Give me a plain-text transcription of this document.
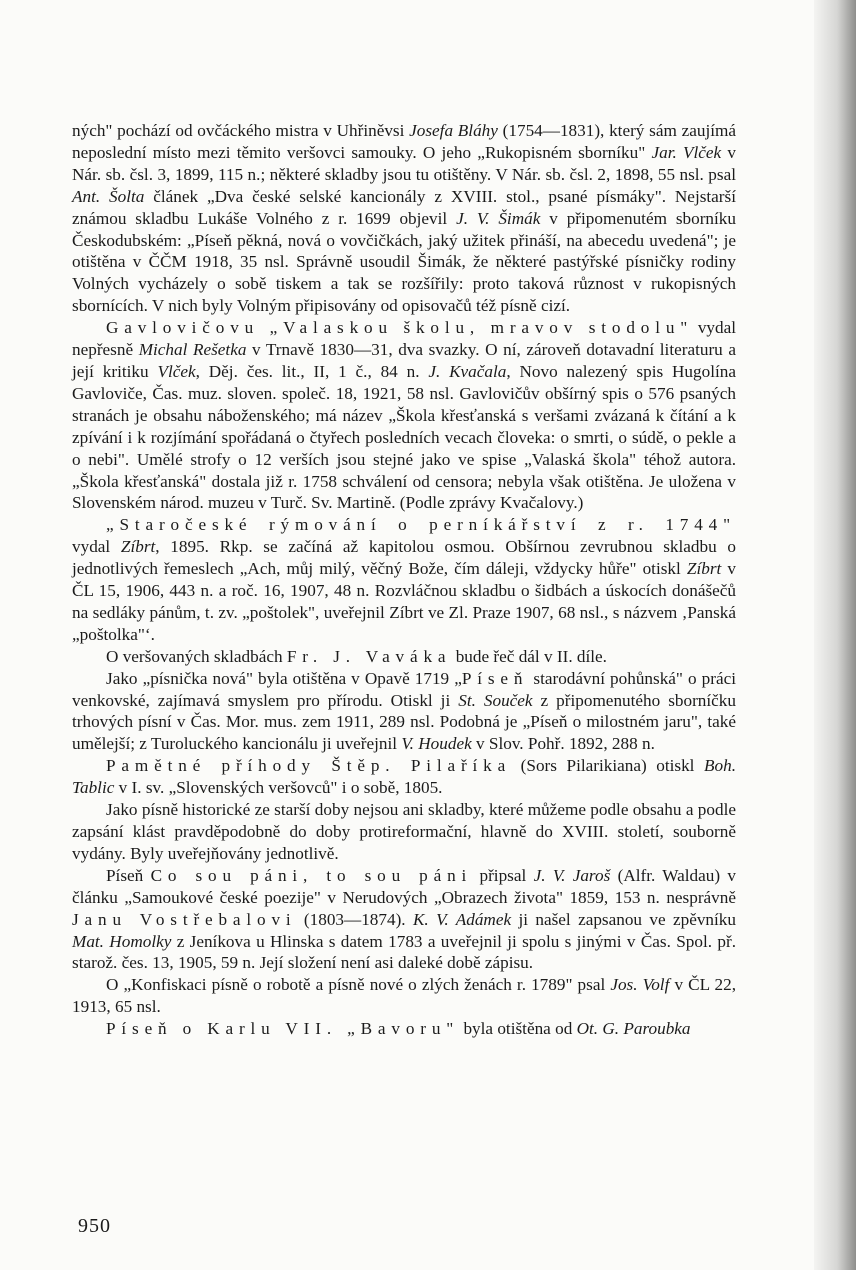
ných" pochází od ovčáckého mistra v Uhřiněvsi Josefa Bláhy (1754—1831), který sám zaujímá neposlední místo mezi těmito veršovci samouky. O jeho „Rukopisném sborníku" Jar. Vlček v Nár. sb. čsl. 3, 1899, 115 n.; některé skladby jsou tu otištěny. V Nár. sb. čsl. 2, 1898, 55 nsl. psal Ant. Šolta článek „Dva české selské kancionály z XVIII. stol., psané písmáky". Nejstarší známou skladbu Lukáše Volného z r. 1699 objevil J. V. Šimák v připomenutém sborníku Českodubském: „Píseň pěkná, nová o vovčičkách, jaký užitek přináší, na abecedu uvedená"; je otištěna v ČČM 1918, 35 nsl. Správně usoudil Šimák, že některé pastýřské písničky rodiny Volných vycházely o sobě tiskem a tak se rozšířily: proto taková různost v rukopisných sbornících. V nich byly Volným připisovány od opisovačů též písně cizí.

Gavlovičovu „Valaskou školu, mravov stodolu" vydal nepřesně Michal Rešetka v Trnavě 1830—31, dva svazky. O ní, zároveň dotavadní literaturu a její kritiku Vlček, Děj. čes. lit., II, 1 č., 84 n. J. Kvačala, Novo nalezený spis Hugolína Gavloviče, Čas. muz. sloven. společ. 18, 1921, 58 nsl. Gavlovičův obšírný spis o 576 psaných stranách je obsahu náboženského; má název „Škola křesťanská s veršami zvázaná k čítání a k zpívání i k rozjímání spořádaná o čtyřech posledních vecach človeka: o smrti, o súdě, o pekle a o nebi". Umělé strofy o 12 verších jsou stejné jako ve spise „Valaská škola" téhož autora. „Škola křesťanská" dostala již r. 1758 schválení od censora; nebyla však otištěna. Je uložena v Slovenském národ. muzeu v Turč. Sv. Martině. (Podle zprávy Kvačalovy.)

„Staročeské rýmování o perníkářství z r. 1744" vydal Zíbrt, 1895. Rkp. se začíná až kapitolou osmou. Obšírnou zevrubnou skladbu o jednotlivých řemeslech „Ach, můj milý, věčný Bože, čím dáleji, vždycky hůře" otiskl Zíbrt v ČL 15, 1906, 443 n. a roč. 16, 1907, 48 n. Rozvláčnou skladbu o šidbách a úskocích donášečů na sedláky pánům, t. zv. „poštolek", uveřejnil Zíbrt ve Zl. Praze 1907, 68 nsl., s názvem ‚Panská „poštolka"‘.

O veršovaných skladbách Fr. J. Vaváka bude řeč dál v II. díle.

Jako „písnička nová" byla otištěna v Opavě 1719 „Píseň starodávní pohůnská" o práci venkovské, zajímavá smyslem pro přírodu. Otiskl ji St. Souček z připomenutého sborníčku trhových písní v Čas. Mor. mus. zem 1911, 289 nsl. Podobná je „Píseň o milostném jaru", také umělejší; z Turoluckého kancionálu ji uveřejnil V. Houdek v Slov. Pohř. 1892, 288 n.

Pamětné příhody Štěp. Pilaříka (Sors Pilarikiana) otiskl Boh. Tablic v I. sv. „Slovenských veršovců" i o sobě, 1805.

Jako písně historické ze starší doby nejsou ani skladby, které můžeme podle obsahu a podle zapsání klást pravděpodobně do doby protireformační, hlavně do XVIII. století, souborně vydány. Byly uveřejňovány jednotlivě.

Píseň Co sou páni, to sou páni připsal J. V. Jaroš (Alfr. Waldau) v článku „Samoukové české poezije" v Nerudových „Obrazech života" 1859, 153 n. nesprávně Janu Vostřebalovi (1803—1874). K. V. Adámek ji našel zapsanou ve zpěvníku Mat. Homolky z Jeníkova u Hlinska s datem 1783 a uveřejnil ji spolu s jinými v Čas. Spol. př. starož. čes. 13, 1905, 59 n. Její složení není asi daleké době zápisu.

O „Konfiskaci písně o robotě a písně nové o zlých ženách r. 1789" psal Jos. Volf v ČL 22, 1913, 65 nsl.

Píseň o Karlu VII. „Bavoru" byla otištěna od Ot. G. Paroubka

950
